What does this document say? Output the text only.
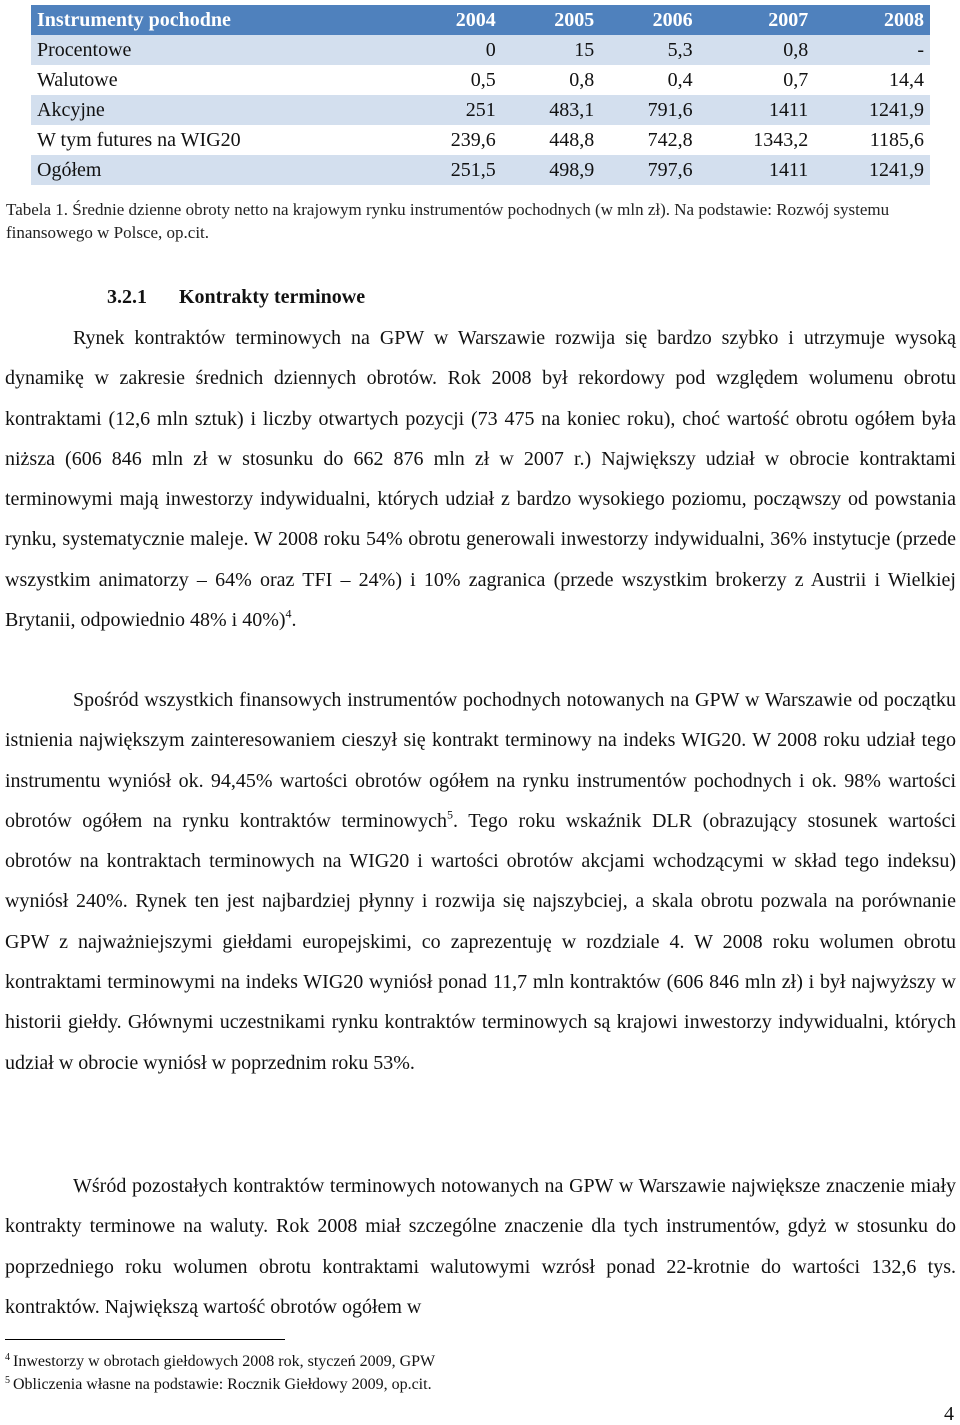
Instrumenty pochodne	2004	2005	2006	2007	2008
Procentowe	0	15	5,3	0,8	-
Walutowe	0,5	0,8	0,4	0,7	14,4
Akcyjne	251	483,1	791,6	1411	1241,9
W tym futures na WIG20	239,6	448,8	742,8	1343,2	1185,6
Ogółem	251,5	498,9	797,6	1411	1241,9

Tabela 1. Średnie dzienne obroty netto na krajowym rynku instrumentów pochodnych (w mln zł). Na podstawie: Rozwój systemu finansowego w Polsce, op.cit.

3.2.1 Kontrakty terminowe

Rynek kontraktów terminowych na GPW w Warszawie rozwija się bardzo szybko i utrzymuje wysoką dynamikę w zakresie średnich dziennych obrotów. Rok 2008 był rekordowy pod względem wolumenu obrotu kontraktami (12,6 mln sztuk) i liczby otwartych pozycji (73 475 na koniec roku), choć wartość obrotu ogółem była niższa (606 846 mln zł w stosunku do 662 876 mln zł w 2007 r.) Największy udział w obrocie kontraktami terminowymi mają inwestorzy indywidualni, których udział z bardzo wysokiego poziomu, począwszy od powstania rynku, systematycznie maleje. W 2008 roku 54% obrotu generowali inwestorzy indywidualni, 36% instytucje (przede wszystkim animatorzy – 64% oraz TFI – 24%) i 10% zagranica (przede wszystkim brokerzy z Austrii i Wielkiej Brytanii, odpowiednio 48% i 40%)$^4$.

Spośród wszystkich finansowych instrumentów pochodnych notowanych na GPW w Warszawie od początku istnienia największym zainteresowaniem cieszył się kontrakt terminowy na indeks WIG20. W 2008 roku udział tego instrumentu wyniósł ok. 94,45% wartości obrotów ogółem na rynku instrumentów pochodnych i ok. 98% wartości obrotów ogółem na rynku kontraktów terminowych$^5$. Tego roku wskaźnik DLR (obrazujący stosunek wartości obrotów na kontraktach terminowych na WIG20 i wartości obrotów akcjami wchodzącymi w skład tego indeksu) wyniósł 240%. Rynek ten jest najbardziej płynny i rozwija się najszybciej, a skala obrotu pozwala na porównanie GPW z najważniejszymi giełdami europejskimi, co zaprezentuję w rozdziale 4. W 2008 roku wolumen obrotu kontraktami terminowymi na indeks WIG20 wyniósł ponad 11,7 mln kontraktów (606 846 mln zł) i był najwyższy w historii giełdy. Głównymi uczestnikami rynku kontraktów terminowych są krajowi inwestorzy indywidualni, których udział w obrocie wyniósł w poprzednim roku 53%.

Wśród pozostałych kontraktów terminowych notowanych na GPW w Warszawie największe znaczenie miały kontrakty terminowe na waluty. Rok 2008 miał szczególne znaczenie dla tych instrumentów, gdyż w stosunku do poprzedniego roku wolumen obrotu kontraktami walutowymi wzrósł ponad 22-krotnie do wartości 132,6 tys. kontraktów. Największą wartość obrotów ogółem w

$^4$ Inwestorzy w obrotach giełdowych 2008 rok, styczeń 2009, GPW

$^5$ Obliczenia własne na podstawie: Rocznik Giełdowy 2009, op.cit.

4
